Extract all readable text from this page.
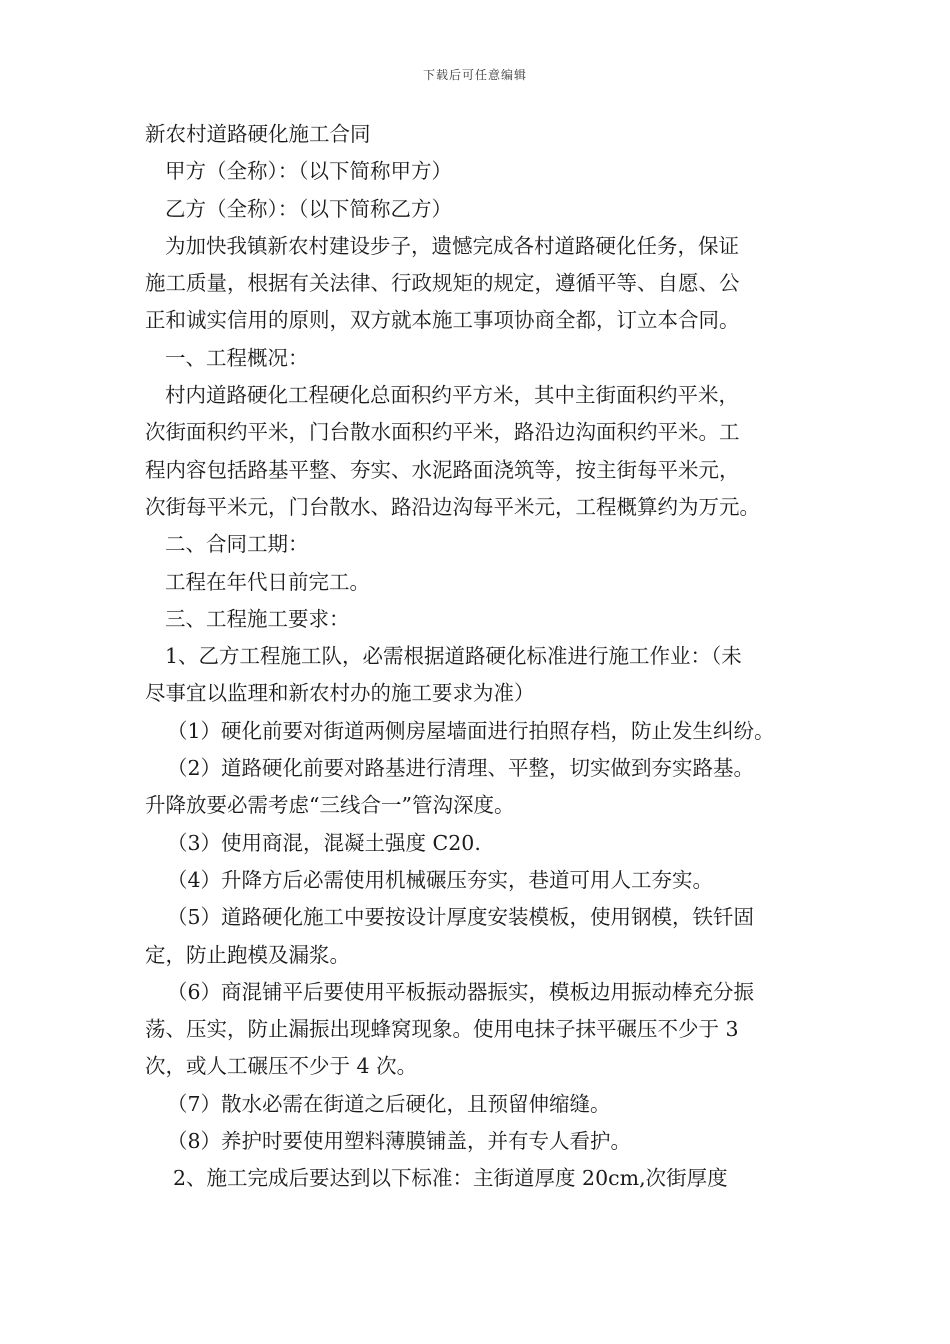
下载后可任意编辑
新农村道路硬化施工合同
甲方（全称）：（以下简称甲方）
乙方（全称）：（以下简称乙方）
为加快我镇新农村建设步子，遗憾完成各村道路硬化任务，保证
施工质量，根据有关法律、行政规矩的规定，遵循平等、自愿、公
正和诚实信用的原则，双方就本施工事项协商全都，订立本合同。
一、工程概况：
村内道路硬化工程硬化总面积约平方米，其中主街面积约平米，
次街面积约平米，门台散水面积约平米，路沿边沟面积约平米。工
程内容包括路基平整、夯实、水泥路面浇筑等，按主街每平米元，
次街每平米元，门台散水、路沿边沟每平米元，工程概算约为万元。
二、合同工期：
工程在年代日前完工。
三、工程施工要求：
1、乙方工程施工队，必需根据道路硬化标准进行施工作业：（未
尽事宜以监理和新农村办的施工要求为准）
（1）硬化前要对街道两侧房屋墙面进行拍照存档，防止发生纠纷。
（2）道路硬化前要对路基进行清理、平整，切实做到夯实路基。
升降放要必需考虑“三线合一”管沟深度。
（3）使用商混，混凝土强度 C20.
（4）升降方后必需使用机械碾压夯实，巷道可用人工夯实。
（5）道路硬化施工中要按设计厚度安装模板，使用钢模，铁钎固
定，防止跑模及漏浆。
（6）商混铺平后要使用平板振动器振实，模板边用振动棒充分振
荡、压实，防止漏振出现蜂窝现象。使用电抹子抹平碾压不少于 3
次，或人工碾压不少于 4 次。
（7）散水必需在街道之后硬化，且预留伸缩缝。
（8）养护时要使用塑料薄膜铺盖，并有专人看护。
2、施工完成后要达到以下标准：主街道厚度 20cm,次街厚度
